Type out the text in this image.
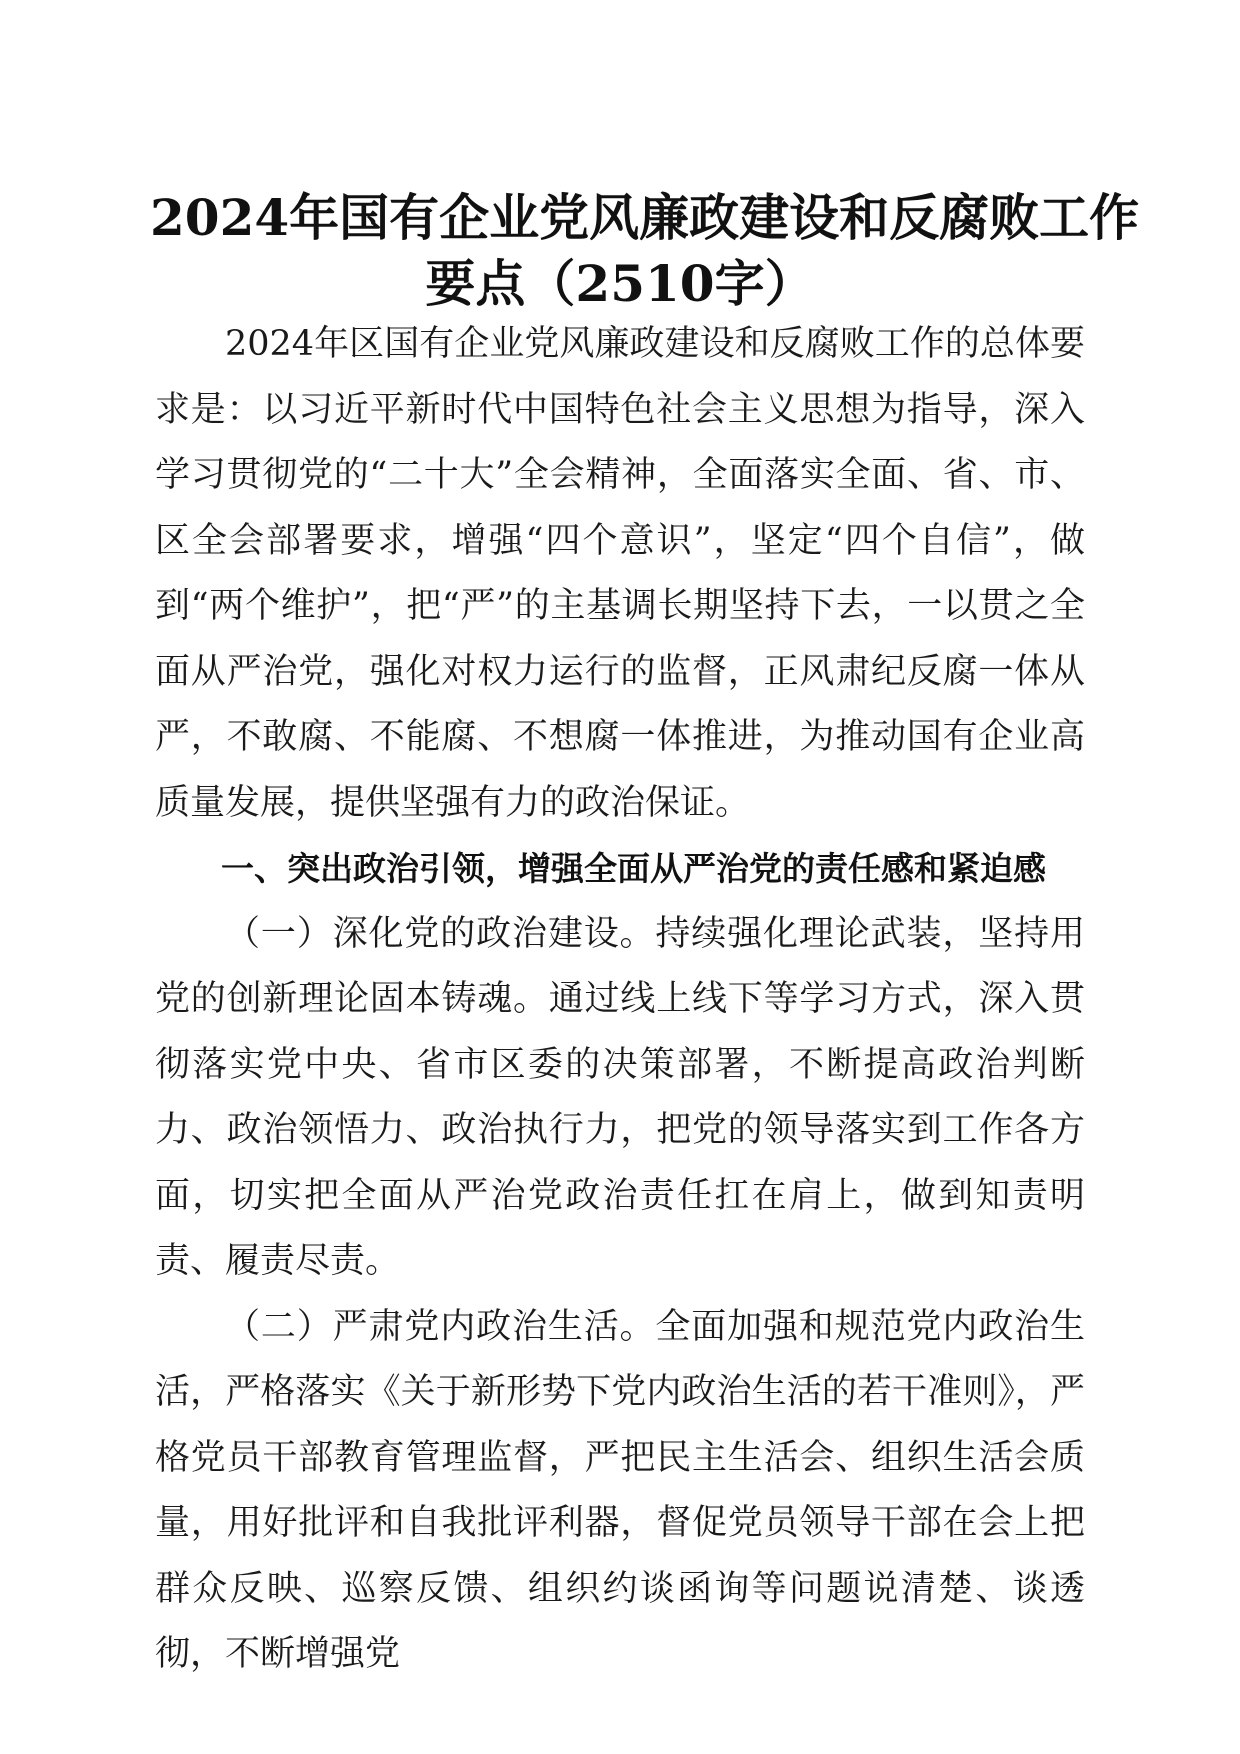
2024年国有企业党风廉政建设和反腐败工作
要点（2510字）

2024年区国有企业党风廉政建设和反腐败工作的总体要求是：以习近平新时代中国特色社会主义思想为指导，深入学习贯彻党的“二十大”全会精神，全面落实全面、省、市、区全会部署要求，增强“四个意识”，坚定“四个自信”，做到“两个维护”，把“严”的主基调长期坚持下去，一以贯之全面从严治党，强化对权力运行的监督，正风肃纪反腐一体从严，不敢腐、不能腐、不想腐一体推进，为推动国有企业高质量发展，提供坚强有力的政治保证。

一、突出政治引领，增强全面从严治党的责任感和紧迫感

（一）深化党的政治建设。持续强化理论武装，坚持用党的创新理论固本铸魂。通过线上线下等学习方式，深入贯彻落实党中央、省市区委的决策部署，不断提高政治判断力、政治领悟力、政治执行力，把党的领导落实到工作各方面，切实把全面从严治党政治责任扛在肩上，做到知责明责、履责尽责。

（二）严肃党内政治生活。全面加强和规范党内政治生活，严格落实《关于新形势下党内政治生活的若干准则》，严格党员干部教育管理监督，严把民主生活会、组织生活会质量，用好批评和自我批评利器，督促党员领导干部在会上把群众反映、巡察反馈、组织约谈函询等问题说清楚、谈透彻，不断增强党
